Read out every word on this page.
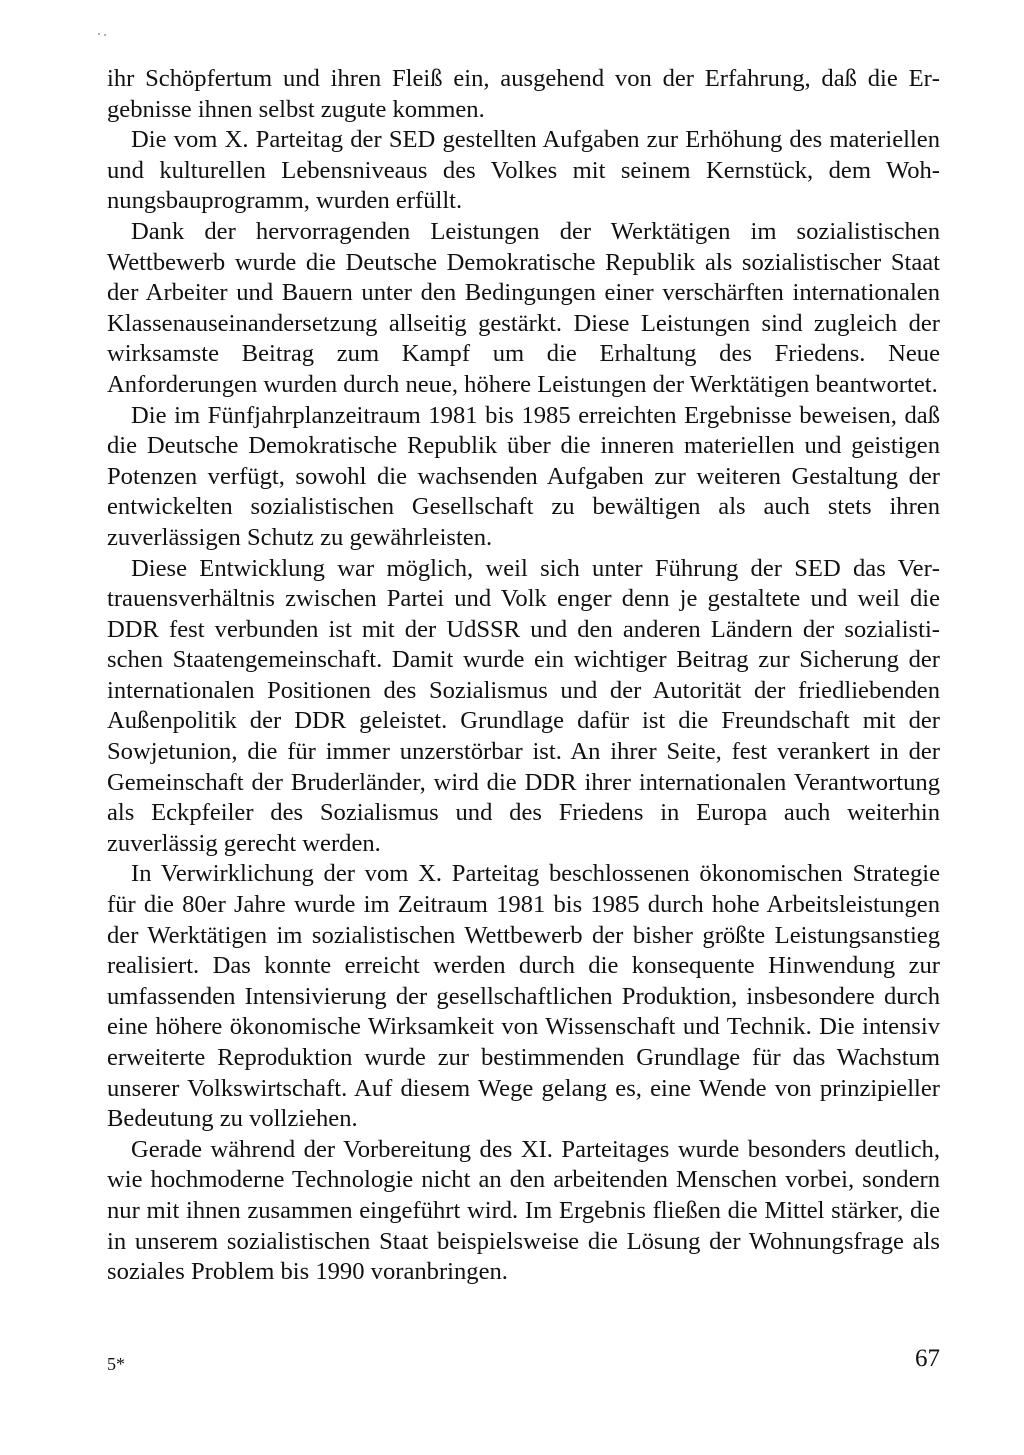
ihr Schöpfertum und ihren Fleiß ein, ausgehend von der Erfahrung, daß die Ergebnisse ihnen selbst zugute kommen.

Die vom X. Parteitag der SED gestellten Aufgaben zur Erhöhung des materiellen und kulturellen Lebensniveaus des Volkes mit seinem Kernstück, dem Wohnungsbauprogramm, wurden erfüllt.

Dank der hervorragenden Leistungen der Werktätigen im sozialistischen Wettbewerb wurde die Deutsche Demokratische Republik als sozialistischer Staat der Arbeiter und Bauern unter den Bedingungen einer verschärften internationalen Klassenauseinandersetzung allseitig gestärkt. Diese Leistungen sind zugleich der wirksamste Beitrag zum Kampf um die Erhaltung des Friedens. Neue Anforderungen wurden durch neue, höhere Leistungen der Werktätigen beantwortet.

Die im Fünfjahrplanzeitraum 1981 bis 1985 erreichten Ergebnisse beweisen, daß die Deutsche Demokratische Republik über die inneren materiellen und geistigen Potenzen verfügt, sowohl die wachsenden Aufgaben zur weiteren Gestaltung der entwickelten sozialistischen Gesellschaft zu bewältigen als auch stets ihren zuverlässigen Schutz zu gewährleisten.

Diese Entwicklung war möglich, weil sich unter Führung der SED das Vertrauensverhältnis zwischen Partei und Volk enger denn je gestaltete und weil die DDR fest verbunden ist mit der UdSSR und den anderen Ländern der sozialistischen Staatengemeinschaft. Damit wurde ein wichtiger Beitrag zur Sicherung der internationalen Positionen des Sozialismus und der Autorität der friedliebenden Außenpolitik der DDR geleistet. Grundlage dafür ist die Freundschaft mit der Sowjetunion, die für immer unzerstörbar ist. An ihrer Seite, fest verankert in der Gemeinschaft der Bruderländer, wird die DDR ihrer internationalen Verantwortung als Eckpfeiler des Sozialismus und des Friedens in Europa auch weiterhin zuverlässig gerecht werden.

In Verwirklichung der vom X. Parteitag beschlossenen ökonomischen Strategie für die 80er Jahre wurde im Zeitraum 1981 bis 1985 durch hohe Arbeitsleistungen der Werktätigen im sozialistischen Wettbewerb der bisher größte Leistungsanstieg realisiert. Das konnte erreicht werden durch die konsequente Hinwendung zur umfassenden Intensivierung der gesellschaftlichen Produktion, insbesondere durch eine höhere ökonomische Wirksamkeit von Wissenschaft und Technik. Die intensiv erweiterte Reproduktion wurde zur bestimmenden Grundlage für das Wachstum unserer Volkswirtschaft. Auf diesem Wege gelang es, eine Wende von prinzipieller Bedeutung zu vollziehen.

Gerade während der Vorbereitung des XI. Parteitages wurde besonders deutlich, wie hochmoderne Technologie nicht an den arbeitenden Menschen vorbei, sondern nur mit ihnen zusammen eingeführt wird. Im Ergebnis fließen die Mittel stärker, die in unserem sozialistischen Staat beispielsweise die Lösung der Wohnungsfrage als soziales Problem bis 1990 voranbringen.

5*	67
